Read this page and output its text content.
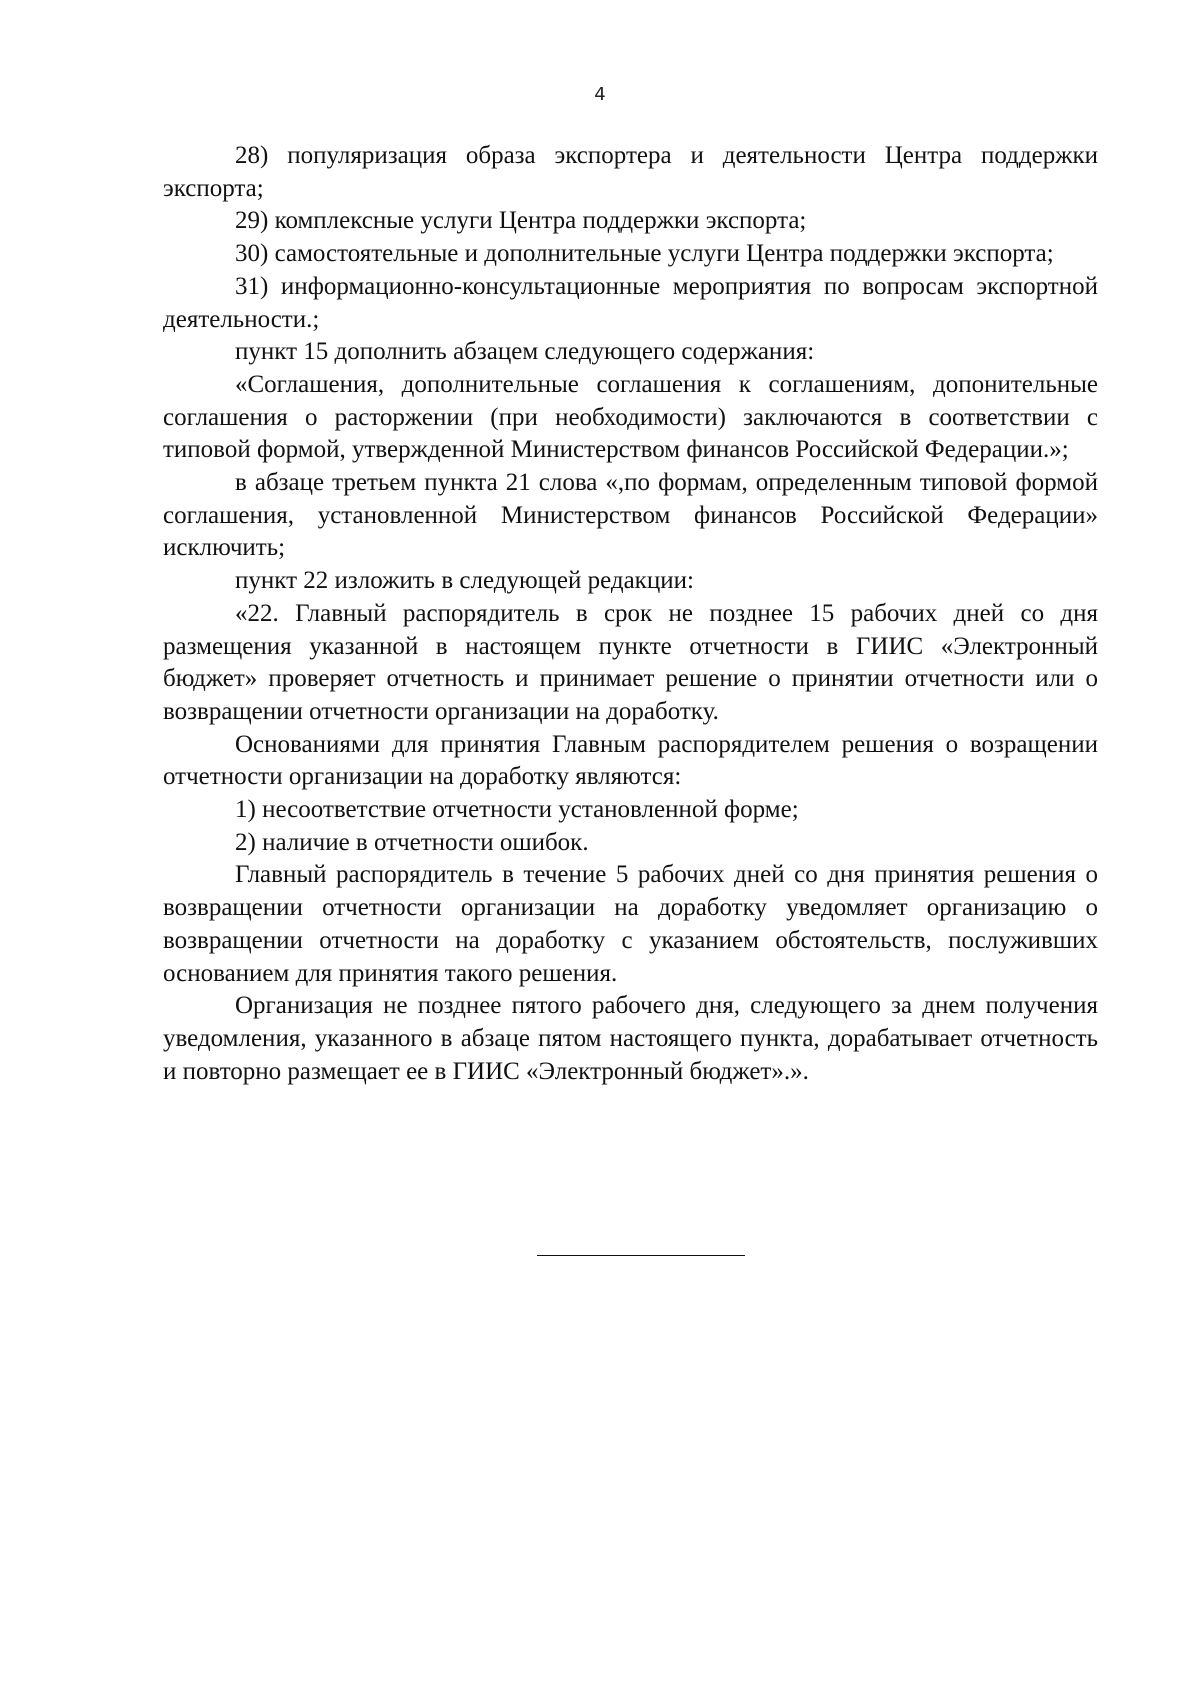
4

28) популяризация образа экспортера и деятельности Центра поддержки экспорта;

29) комплексные услуги Центра поддержки экспорта;

30) самостоятельные и дополнительные услуги Центра поддержки экспорта;

31) информационно-консультационные мероприятия по вопросам экспортной деятельности.;

пункт 15 дополнить абзацем следующего содержания:

«Соглашения, дополнительные соглашения к соглашениям, допонительные соглашения о расторжении (при необходимости) заключаются в соответствии с типовой формой, утвержденной Министерством финансов Российской Федерации.»;

в абзаце третьем пункта 21 слова «,по формам, определенным типовой формой соглашения, установленной Министерством финансов Российской Федерации» исключить;

пункт 22 изложить в следующей редакции:

«22. Главный распорядитель в срок не позднее 15 рабочих дней со дня размещения указанной в настоящем пункте отчетности в ГИИС «Электронный бюджет» проверяет отчетность и принимает решение о принятии отчетности или о возвращении отчетности организации на доработку.

Основаниями для принятия Главным распорядителем решения о возращении отчетности организации на доработку являются:

1) несоответствие отчетности установленной форме;

2) наличие в отчетности ошибок.

Главный распорядитель в течение 5 рабочих дней со дня принятия решения о возвращении отчетности организации на доработку уведомляет организацию о возвращении отчетности на доработку с указанием обстоятельств, послуживших основанием для принятия такого решения.

Организация не позднее пятого рабочего дня, следующего за днем получения уведомления, указанного в абзаце пятом настоящего пункта, дорабатывает отчетность и повторно размещает ее в ГИИС «Электронный бюджет».».
